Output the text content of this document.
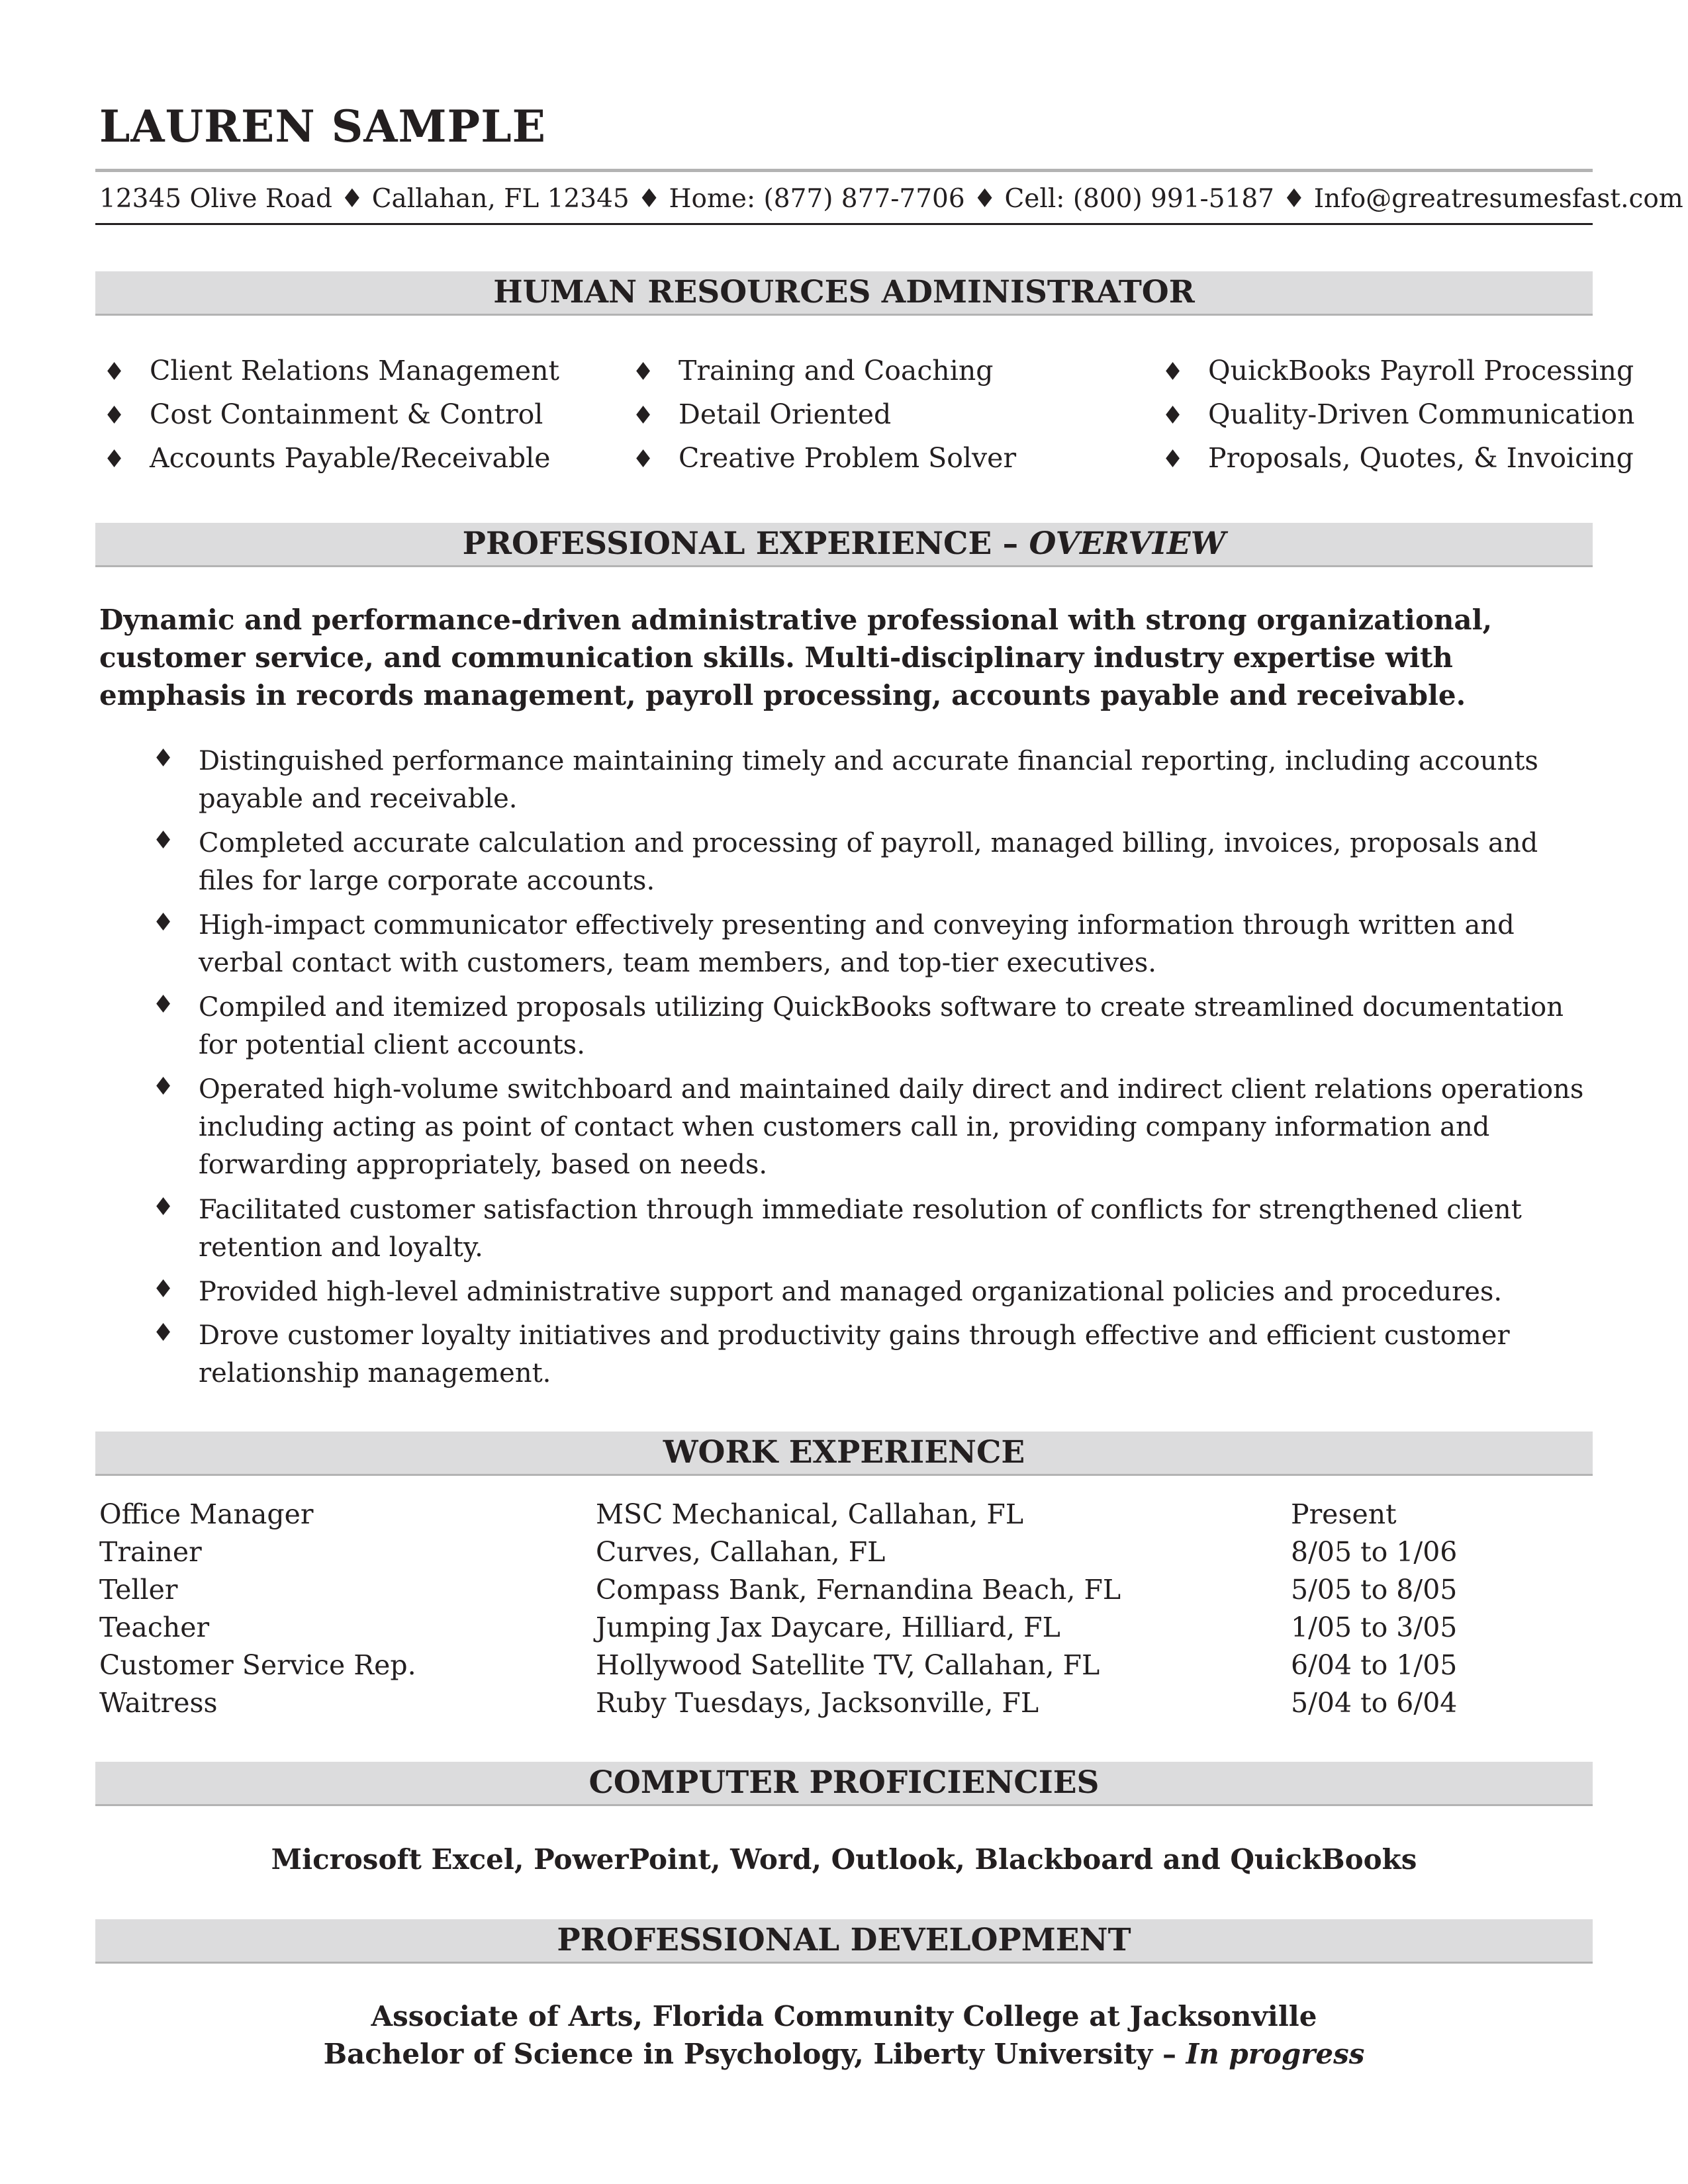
LAUREN SAMPLE
12345 Olive Road ♦ Callahan, FL 12345 ♦ Home: (877) 877-7706 ♦ Cell: (800) 991-5187 ♦ Info@greatresumesfast.com
HUMAN RESOURCES ADMINISTRATOR
♦ Client Relations Management
♦ Cost Containment & Control
♦ Accounts Payable/Receivable
♦ Training and Coaching
♦ Detail Oriented
♦ Creative Problem Solver
♦ QuickBooks Payroll Processing
♦ Quality-Driven Communication
♦ Proposals, Quotes, & Invoicing
PROFESSIONAL EXPERIENCE – OVERVIEW

Dynamic and performance-driven administrative professional with strong organizational, customer service, and communication skills. Multi-disciplinary industry expertise with emphasis in records management, payroll processing, accounts payable and receivable.

♦ Distinguished performance maintaining timely and accurate financial reporting, including accounts payable and receivable.
♦ Completed accurate calculation and processing of payroll, managed billing, invoices, proposals and files for large corporate accounts.
♦ High-impact communicator effectively presenting and conveying information through written and verbal contact with customers, team members, and top-tier executives.
♦ Compiled and itemized proposals utilizing QuickBooks software to create streamlined documentation for potential client accounts.
♦ Operated high-volume switchboard and maintained daily direct and indirect client relations operations including acting as point of contact when customers call in, providing company information and forwarding appropriately, based on needs.
♦ Facilitated customer satisfaction through immediate resolution of conflicts for strengthened client retention and loyalty.
♦ Provided high-level administrative support and managed organizational policies and procedures.
♦ Drove customer loyalty initiatives and productivity gains through effective and efficient customer relationship management.
WORK EXPERIENCE
Office Manager	MSC Mechanical, Callahan, FL	Present
Trainer	Curves, Callahan, FL	8/05 to 1/06
Teller	Compass Bank, Fernandina Beach, FL	5/05 to 8/05
Teacher	Jumping Jax Daycare, Hilliard, FL	1/05 to 3/05
Customer Service Rep.	Hollywood Satellite TV, Callahan, FL	6/04 to 1/05
Waitress	Ruby Tuesdays, Jacksonville, FL	5/04 to 6/04
COMPUTER PROFICIENCIES
Microsoft Excel, PowerPoint, Word, Outlook, Blackboard and QuickBooks
PROFESSIONAL DEVELOPMENT
Associate of Arts, Florida Community College at Jacksonville
Bachelor of Science in Psychology, Liberty University – In progress
